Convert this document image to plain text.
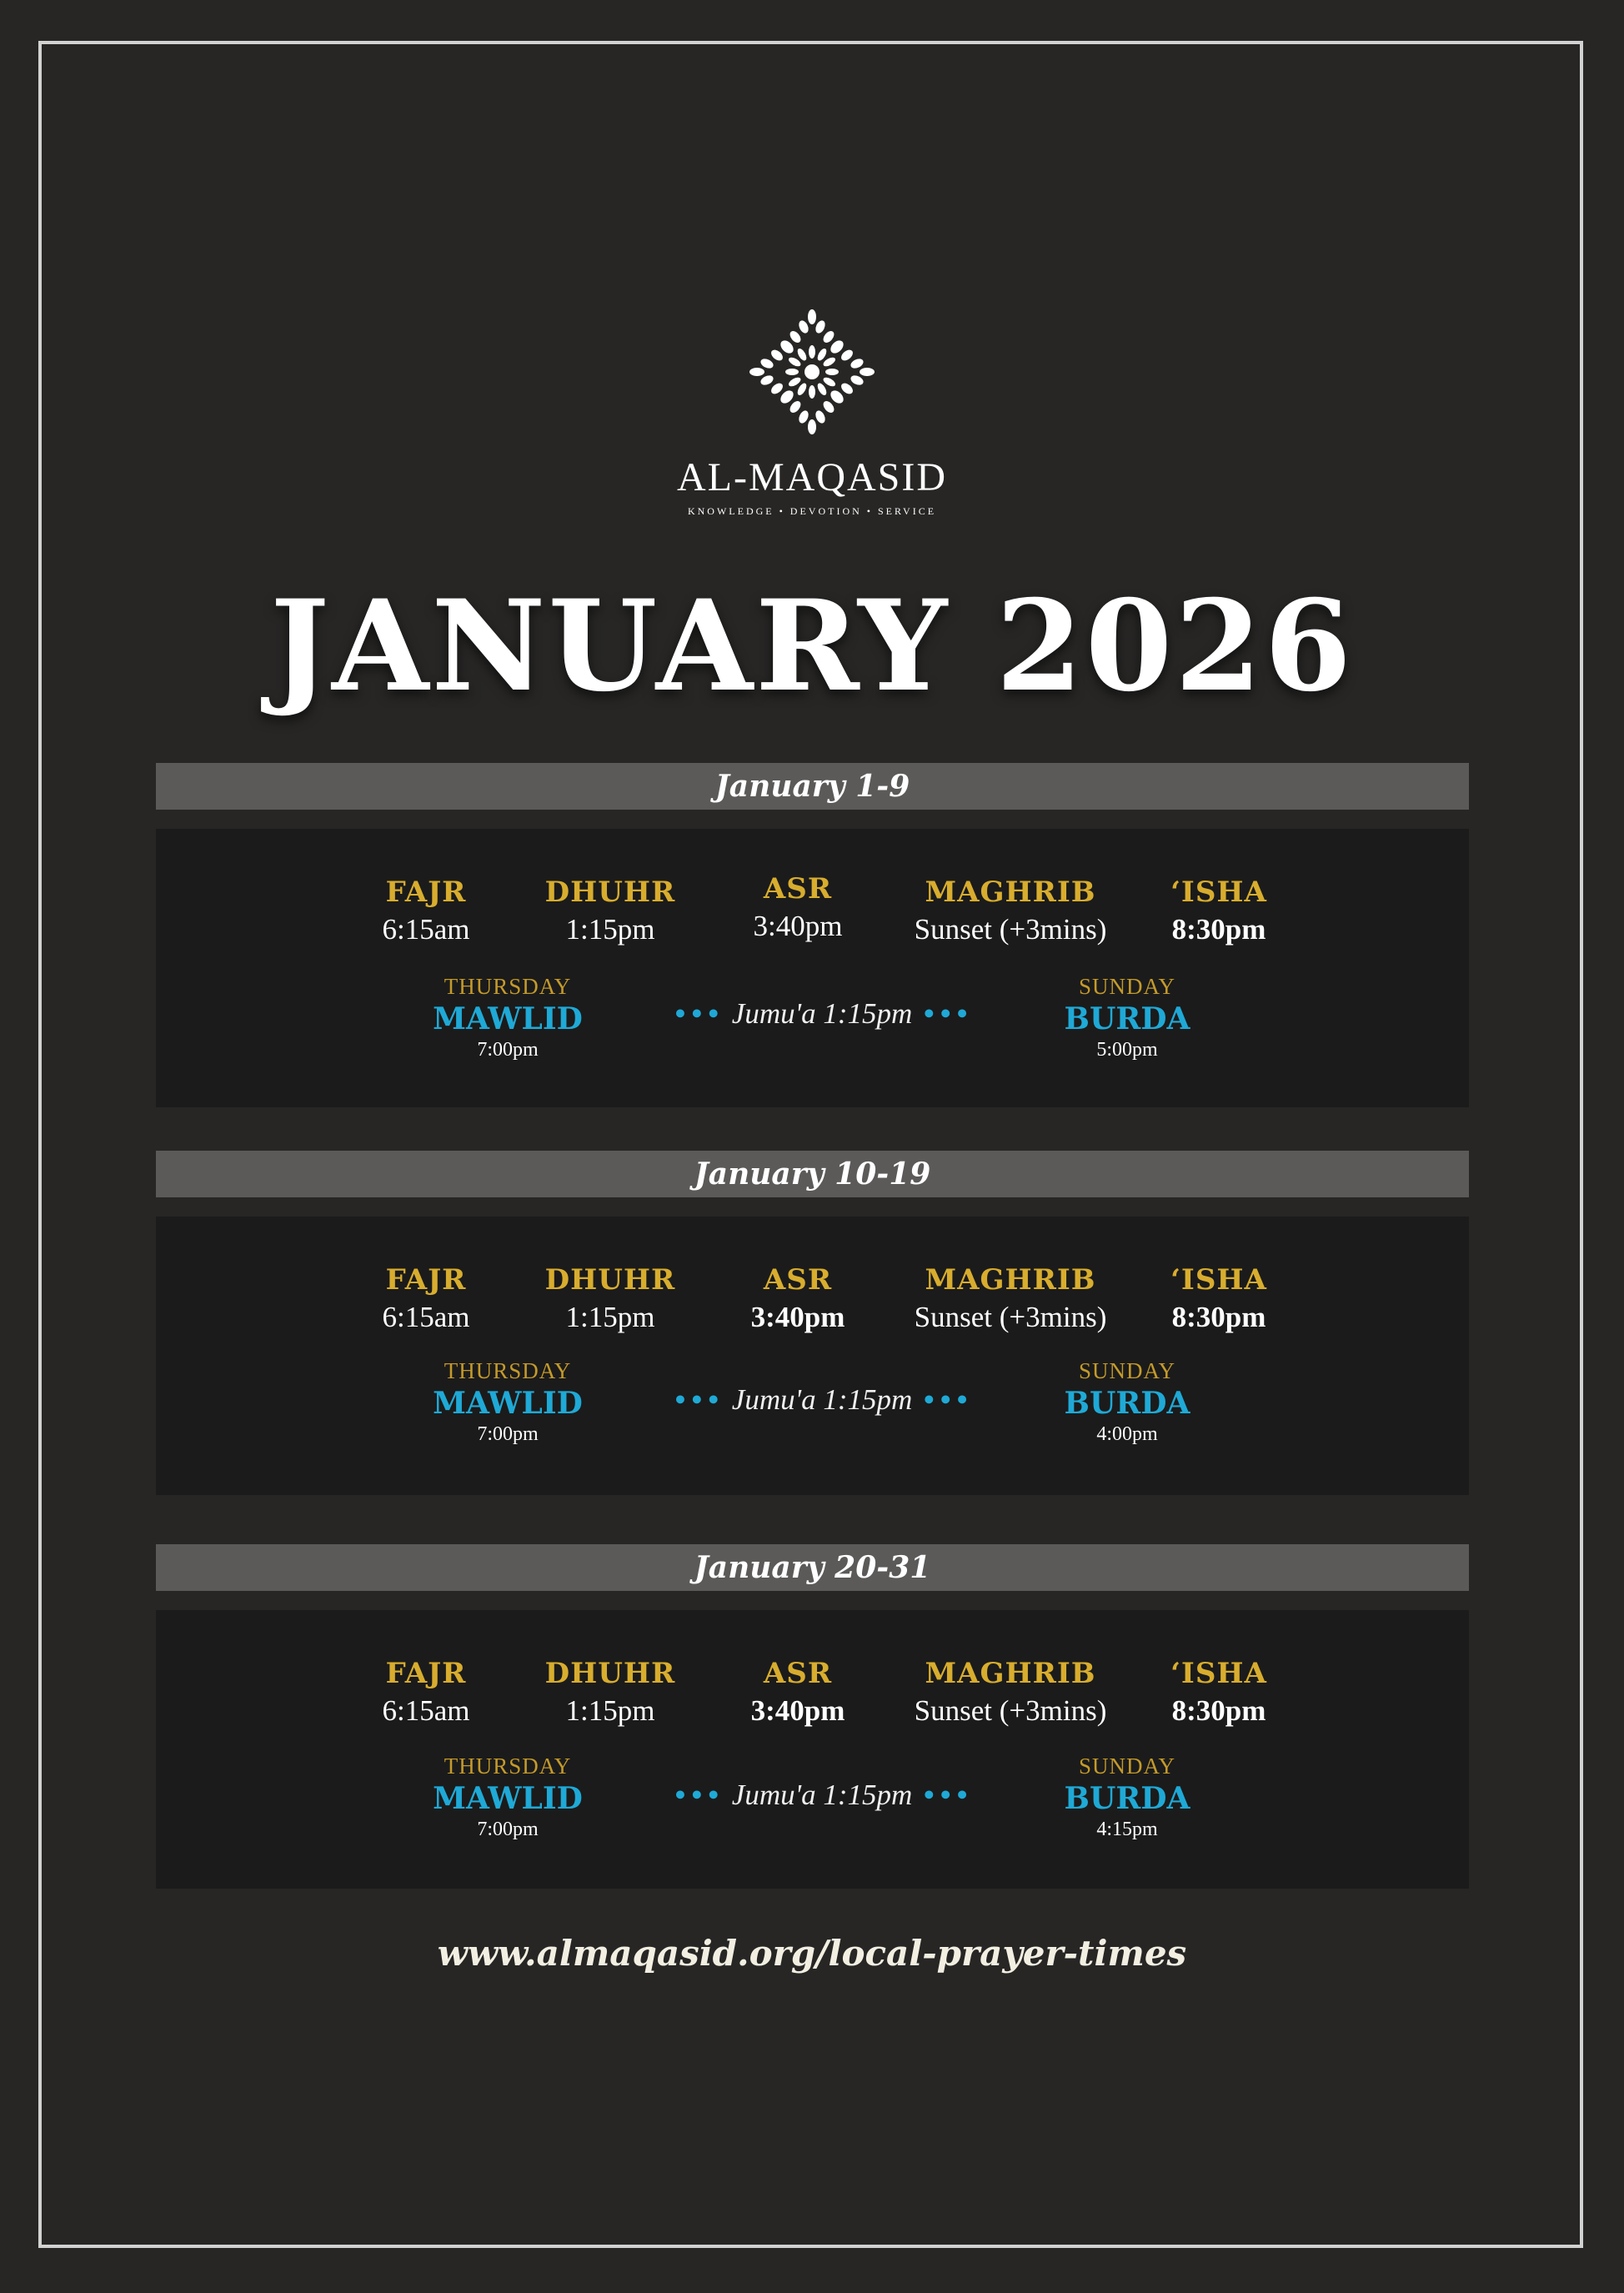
AL-MAQASID
KNOWLEDGE • DEVOTION • SERVICE
JANUARY 2026
January 1-9
FAJR
6:15am
DHUHR
1:15pm
ASR
3:40pm
MAGHRIB
Sunset (+3mins)
‘ISHA
8:30pm
THURSDAY
MAWLID
7:00pm
••• Jumu'a 1:15pm •••
SUNDAY
BURDA
5:00pm
January 10-19
FAJR
6:15am
DHUHR
1:15pm
ASR
3:40pm
MAGHRIB
Sunset (+3mins)
‘ISHA
8:30pm
THURSDAY
MAWLID
7:00pm
••• Jumu'a 1:15pm •••
SUNDAY
BURDA
4:00pm
January 20-31
FAJR
6:15am
DHUHR
1:15pm
ASR
3:40pm
MAGHRIB
Sunset (+3mins)
‘ISHA
8:30pm
THURSDAY
MAWLID
7:00pm
••• Jumu'a 1:15pm •••
SUNDAY
BURDA
4:15pm
www.almaqasid.org/local-prayer-times
